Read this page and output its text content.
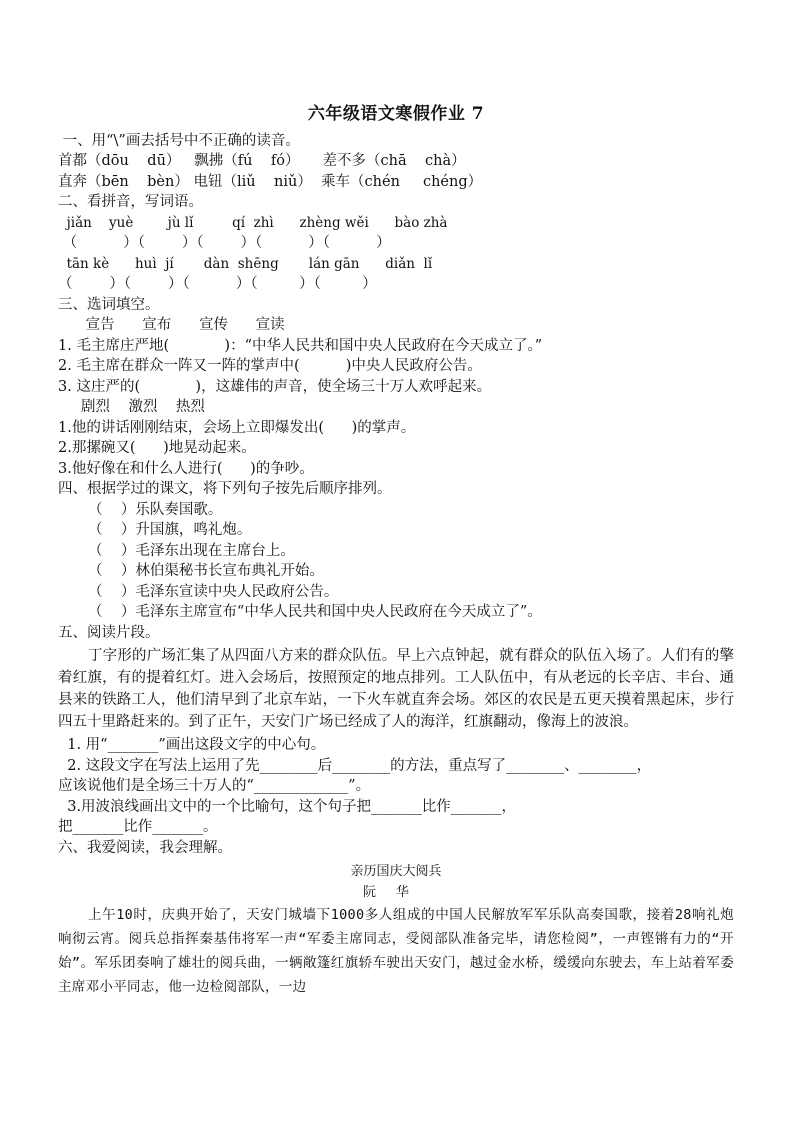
六年级语文寒假作业 7
一、用“\”画去括号中不正确的读音。
首都（dōu    dū）   飘拂（fú    fó）     差不多（chā    chà）
直奔（bēn    bèn） 电钮（liǔ    niǔ）  乘车（chén     chéng）
二、看拼音，写词语。
jiǎn    yuè        jù lǐ         qí  zhì      zhèng wěi      bào zhà
（          ）（        ）（        ）（          ）（          ）
tān kè      huì  jí       dàn  shēng       lán gān      diǎn  lǐ
（        ）（        ）（          ）（         ）（         ）
三、选词填空。
宣告      宣布      宣传      宣读
1. 毛主席庄严地(            )：“中华人民共和国中央人民政府在今天成立了。”
2. 毛主席在群众一阵又一阵的掌声中(          )中央人民政府公告。
3. 这庄严的(            )，这雄伟的声音，使全场三十万人欢呼起来。
剧烈    激烈    热烈
1.他的讲话刚刚结束，会场上立即爆发出(      )的掌声。
2.那摞碗又(      )地晃动起来。
3.他好像在和什么人进行(      )的争吵。
四、根据学过的课文，将下列句子按先后顺序排列。
（    ）乐队奏国歌。
（    ）升国旗，鸣礼炮。
（    ）毛泽东出现在主席台上。
（    ）林伯渠秘书长宣布典礼开始。
（    ）毛泽东宣读中央人民政府公告。
（    ）毛泽东主席宣布“中华人民共和国中央人民政府在今天成立了”。
五、阅读片段。
丁字形的广场汇集了从四面八方来的群众队伍。早上六点钟起，就有群众的队伍入场了。人们有的擎着红旗，有的提着红灯。进入会场后，按照预定的地点排列。工人队伍中，有从老远的长辛店、丰台、通县来的铁路工人，他们清早到了北京车站，一下火车就直奔会场。郊区的农民是五更天摸着黑起床，步行四五十里路赶来的。到了正午，天安门广场已经成了人的海洋，红旗翻动，像海上的波浪。
1. 用“_______”画出这段文字的中心句。
2. 这段文字在写法上运用了先________后________的方法，重点写了________、________，
应该说他们是全场三十万人的“_____________”。
3.用波浪线画出文中的一个比喻句，这个句子把_______比作_______，
把_______比作_______。
六、我爱阅读，我会理解。
亲历国庆大阅兵
阮华
上午10时，庆典开始了，天安门城墙下1000多人组成的中国人民解放军军乐队高奏国歌，接着28响礼炮响彻云宵。阅兵总指挥秦基伟将军一声“军委主席同志，受阅部队准备完毕，请您检阅”，一声铿锵有力的“开始”。军乐团奏响了雄壮的阅兵曲，一辆敞篷红旗轿车驶出天安门，越过金水桥，缓缓向东驶去，车上站着军委主席邓小平同志，他一边检阅部队，一边
